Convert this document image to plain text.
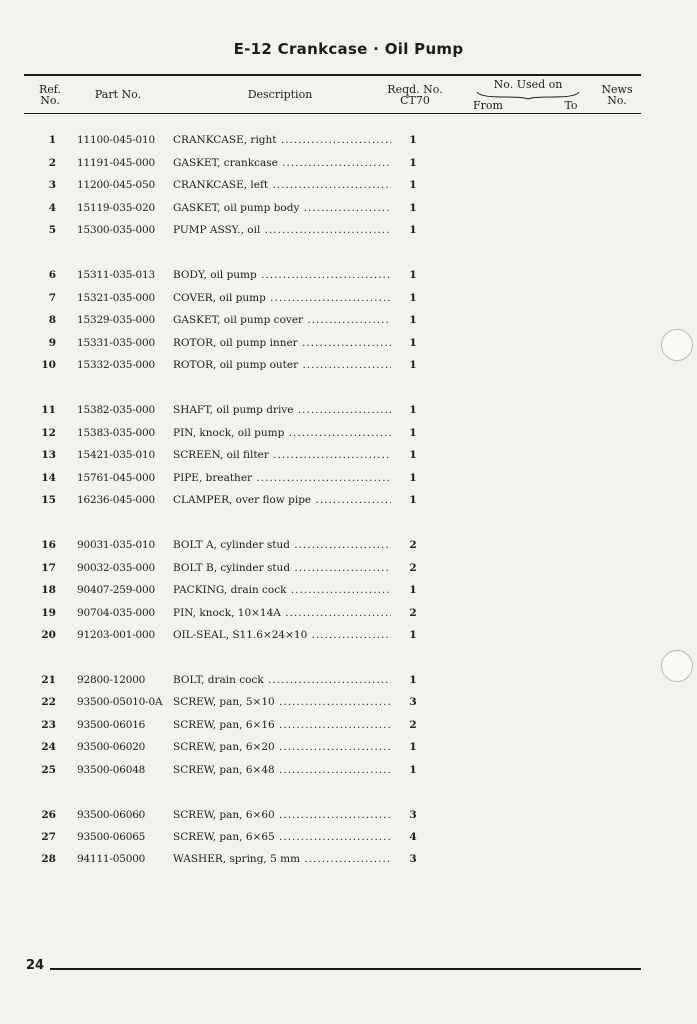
E-12 Crankcase · Oil Pump
Ref. No.	Part No.	Description	Reqd. No. CT70
No. Used on
From	To
News No.
1 11100-045-010	CRANKCASE, right .....	1
2 11191-045-000	GASKET, crankcase .....	1
3 11200-045-050	CRANKCASE, left .....	1
4 15119-035-020	GASKET, oil pump body .....	1
5 15300-035-000	PUMP ASSY., oil .....	1
6 15311-035-013	BODY, oil pump .....	1
7 15321-035-000	COVER, oil pump .....	1
8 15329-035-000	GASKET, oil pump cover .....	1
9 15331-035-000	ROTOR, oil pump inner .....	1
10 15332-035-000	ROTOR, oil pump outer .....	1
11 15382-035-000	SHAFT, oil pump drive .....	1
12 15383-035-000	PIN, knock, oil pump .....	1
13 15421-035-010	SCREEN, oil filter .....	1
14 15761-045-000	PIPE, breather .....	1
15 16236-045-000	CLAMPER, over flow pipe .....	1
16 90031-035-010	BOLT A, cylinder stud .....	2
17 90032-035-000	BOLT B, cylinder stud .....	2
18 90407-259-000	PACKING, drain cock .....	1
19 90704-035-000	PIN, knock, 10×14A .....	2
20 91203-001-000	OIL-SEAL, S11.6×24×10 .....	1
21 92800-12000	BOLT, drain cock .....	1
22 93500-05010-0A	SCREW, pan, 5×10 .....	3
23 93500-06016	SCREW, pan, 6×16 .....	2
24 93500-06020	SCREW, pan, 6×20 .....	1
25 93500-06048	SCREW, pan, 6×48 .....	1
26 93500-06060	SCREW, pan, 6×60 .....	3
27 93500-06065	SCREW, pan, 6×65 .....	4
28 94111-05000	WASHER, spring, 5 mm .....	3
24
